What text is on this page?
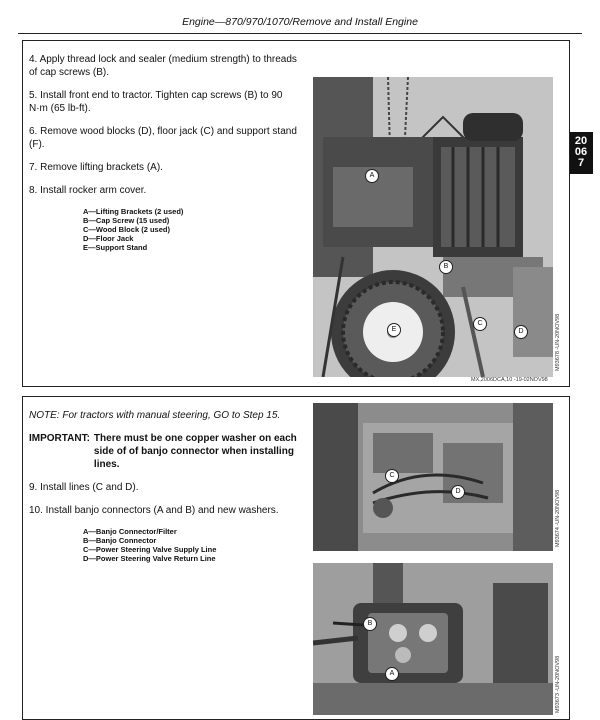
Engine—870/970/1070/Remove and Install Engine
20
06
7

4. Apply thread lock and sealer (medium strength) to threads of cap screws (B).

5. Install front end to tractor. Tighten cap screws (B) to 90 N·m (65 lb-ft).

6. Remove wood blocks (D), floor jack (C) and support stand (F).

7. Remove lifting brackets (A).

8. Install rocker arm cover.

A—Lifting Brackets (2 used)
B—Cap Screw (15 used)
C—Wood Block (2 used)
D—Floor Jack
E—Support Stand
A
B
C
D
E	M93678 -UN-20NOV98
MX,2006DCA,10 -19-02NOV98

NOTE: For tractors with manual steering, GO to Step 15.

IMPORTANT: There must be one copper washer on each side of of banjo connector when installing lines.

9. Install lines (C and D).

10. Install banjo connectors (A and B) and new washers.

A—Banjo Connector/Filter
B—Banjo Connector
C—Power Steering Valve Supply Line
D—Power Steering Valve Return Line
C
D	M93674 -UN-20NOV98
B
A	M93673 -UN-20NOV98
